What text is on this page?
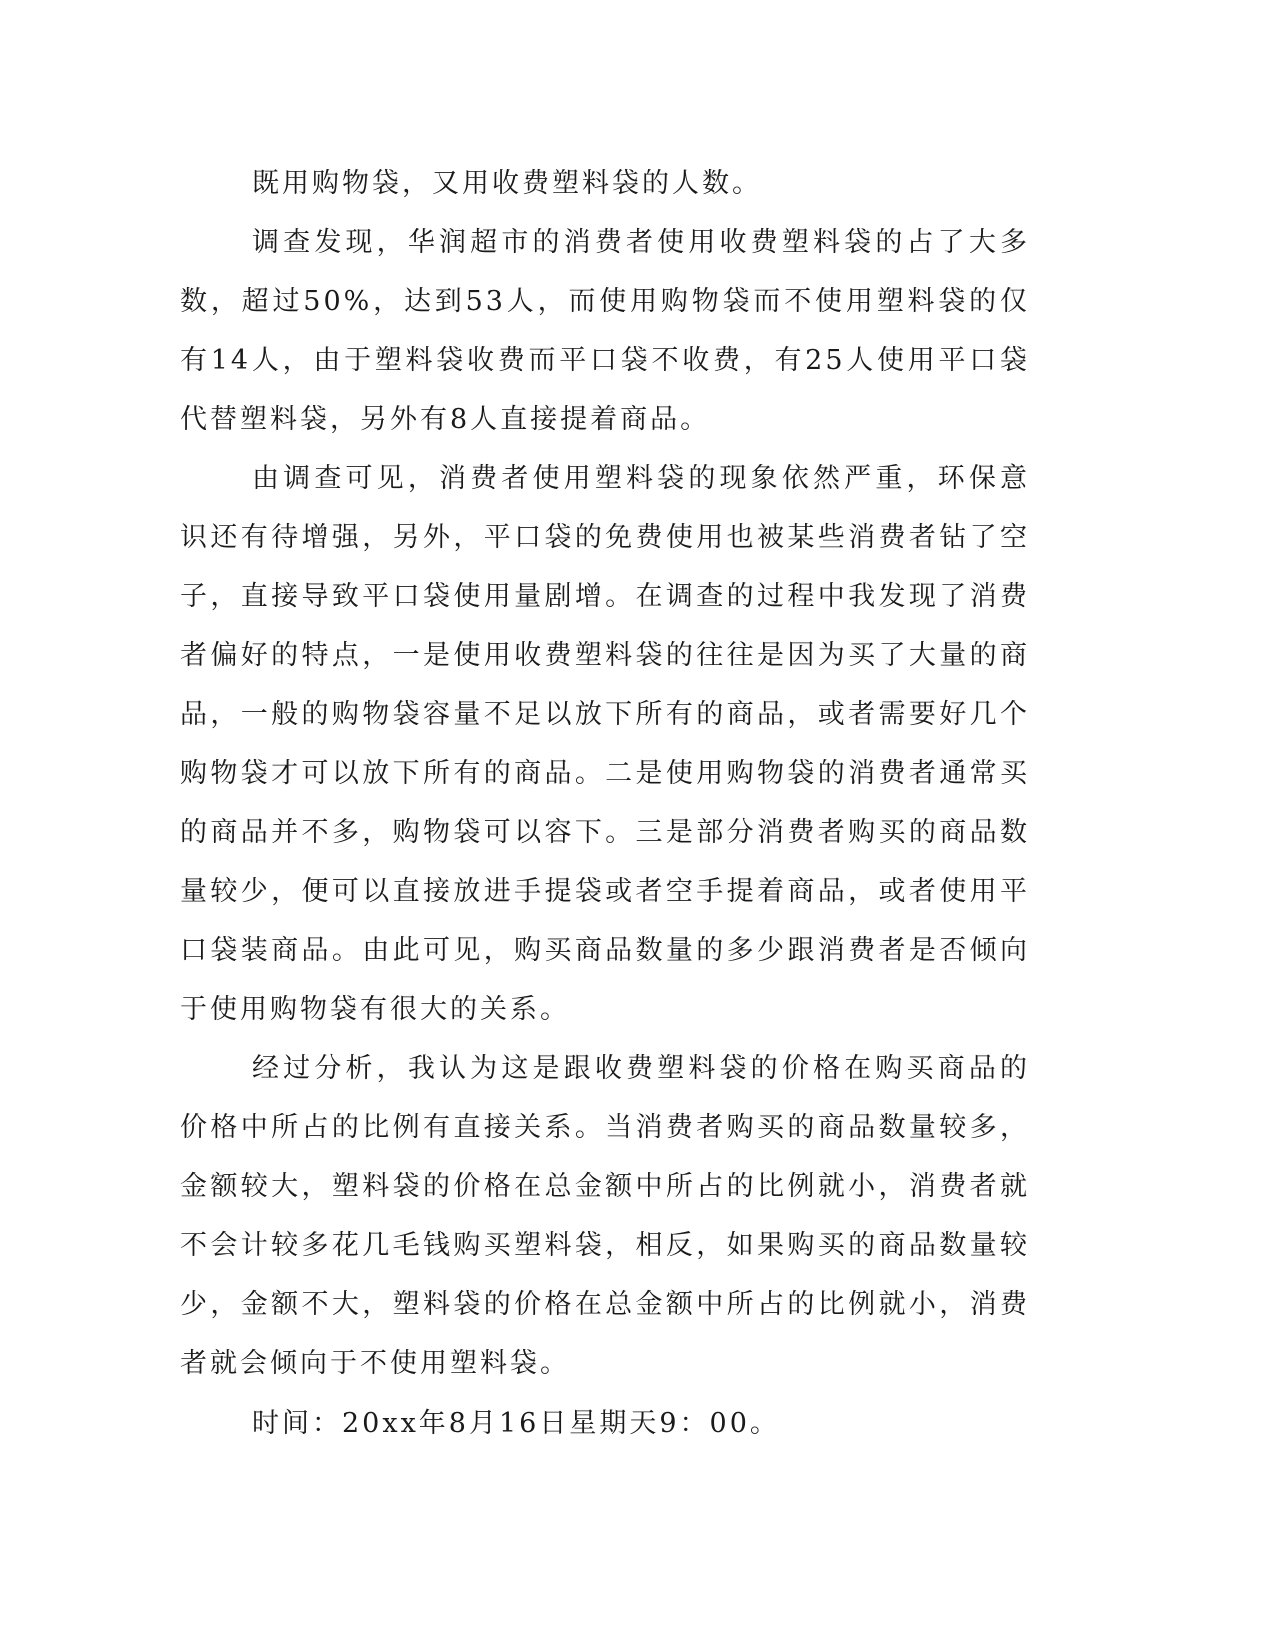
既用购物袋，又用收费塑料袋的人数。

调查发现，华润超市的消费者使用收费塑料袋的占了大多数，超过50%，达到53人，而使用购物袋而不使用塑料袋的仅有14人，由于塑料袋收费而平口袋不收费，有25人使用平口袋代替塑料袋，另外有8人直接提着商品。

由调查可见，消费者使用塑料袋的现象依然严重，环保意识还有待增强，另外，平口袋的免费使用也被某些消费者钻了空子，直接导致平口袋使用量剧增。在调查的过程中我发现了消费者偏好的特点，一是使用收费塑料袋的往往是因为买了大量的商品，一般的购物袋容量不足以放下所有的商品，或者需要好几个购物袋才可以放下所有的商品。二是使用购物袋的消费者通常买的商品并不多，购物袋可以容下。三是部分消费者购买的商品数量较少，便可以直接放进手提袋或者空手提着商品，或者使用平口袋装商品。由此可见，购买商品数量的多少跟消费者是否倾向于使用购物袋有很大的关系。

经过分析，我认为这是跟收费塑料袋的价格在购买商品的价格中所占的比例有直接关系。当消费者购买的商品数量较多，金额较大，塑料袋的价格在总金额中所占的比例就小，消费者就不会计较多花几毛钱购买塑料袋，相反，如果购买的商品数量较少，金额不大，塑料袋的价格在总金额中所占的比例就小，消费者就会倾向于不使用塑料袋。

时间：20xx年8月16日星期天9：00。
